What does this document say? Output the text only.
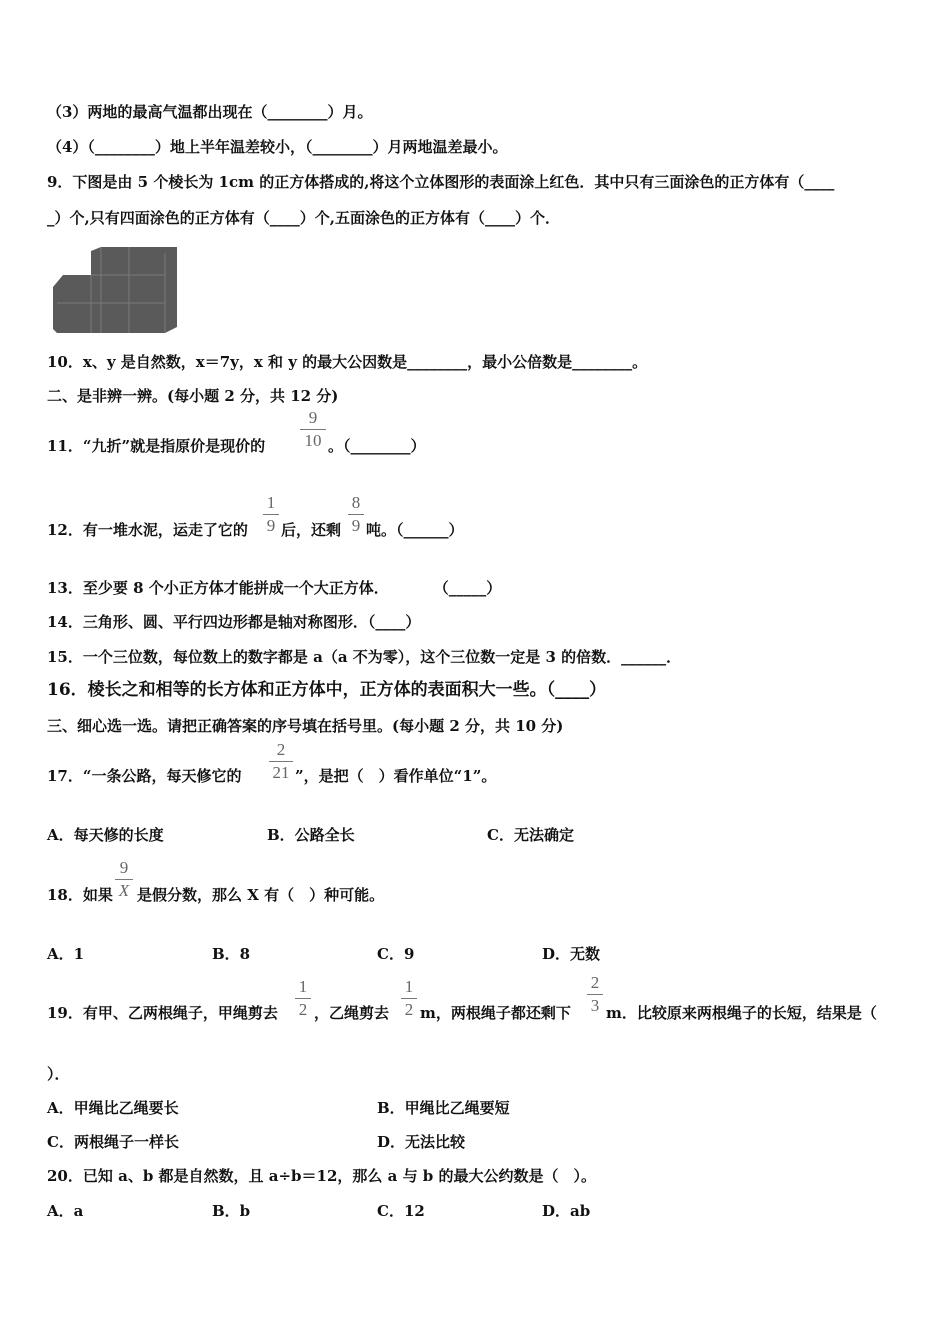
（3）两地的最高气温都出现在（________）月。
（4）（________）地上半年温差较小，（________）月两地温差最小。
9．下图是由 5 个棱长为 1cm 的正方体搭成的,将这个立体图形的表面涂上红色．其中只有三面涂色的正方体有（____
_）个,只有四面涂色的正方体有（____）个,五面涂色的正方体有（____）个．
10．x、y 是自然数，x＝7y，x 和 y 的最大公因数是________，最小公倍数是________。
二、是非辨一辨。(每小题 2 分，共 12 分)
11．“九折”就是指原价是现价的
9
10 。（________）
12．有一堆水泥，运走了它的
1
9 后，还剩
8
9 吨。（______）
13．至少要 8 个小正方体才能拼成一个大正方体．　　　　（_____）
14．三角形、圆、平行四边形都是轴对称图形．（____）
15．一个三位数，每位数上的数字都是 a（a 不为零），这个三位数一定是 3 的倍数．______．
16．棱长之和相等的长方体和正方体中，正方体的表面积大一些。（____）
三、细心选一选。请把正确答案的序号填在括号里。(每小题 2 分，共 10 分)
17．“一条公路，每天修它的
2
21 ”，是把（　）看作单位“1”。
A．每天修的长度	B．公路全长	C．无法确定
18．如果
9
X 是假分数，那么 X 有（　）种可能。
A．1	B．8	C．9	D．无数
19．有甲、乙两根绳子，甲绳剪去
1
2 ，乙绳剪去
1
2 m，两根绳子都还剩下
2
3 m．比较原来两根绳子的长短，结果是（
）．
A．甲绳比乙绳要长	B．甲绳比乙绳要短
C．两根绳子一样长	D．无法比较
20．已知 a、b 都是自然数，且 a÷b＝12，那么 a 与 b 的最大公约数是（　）。
A．a	B．b	C．12	D．ab
